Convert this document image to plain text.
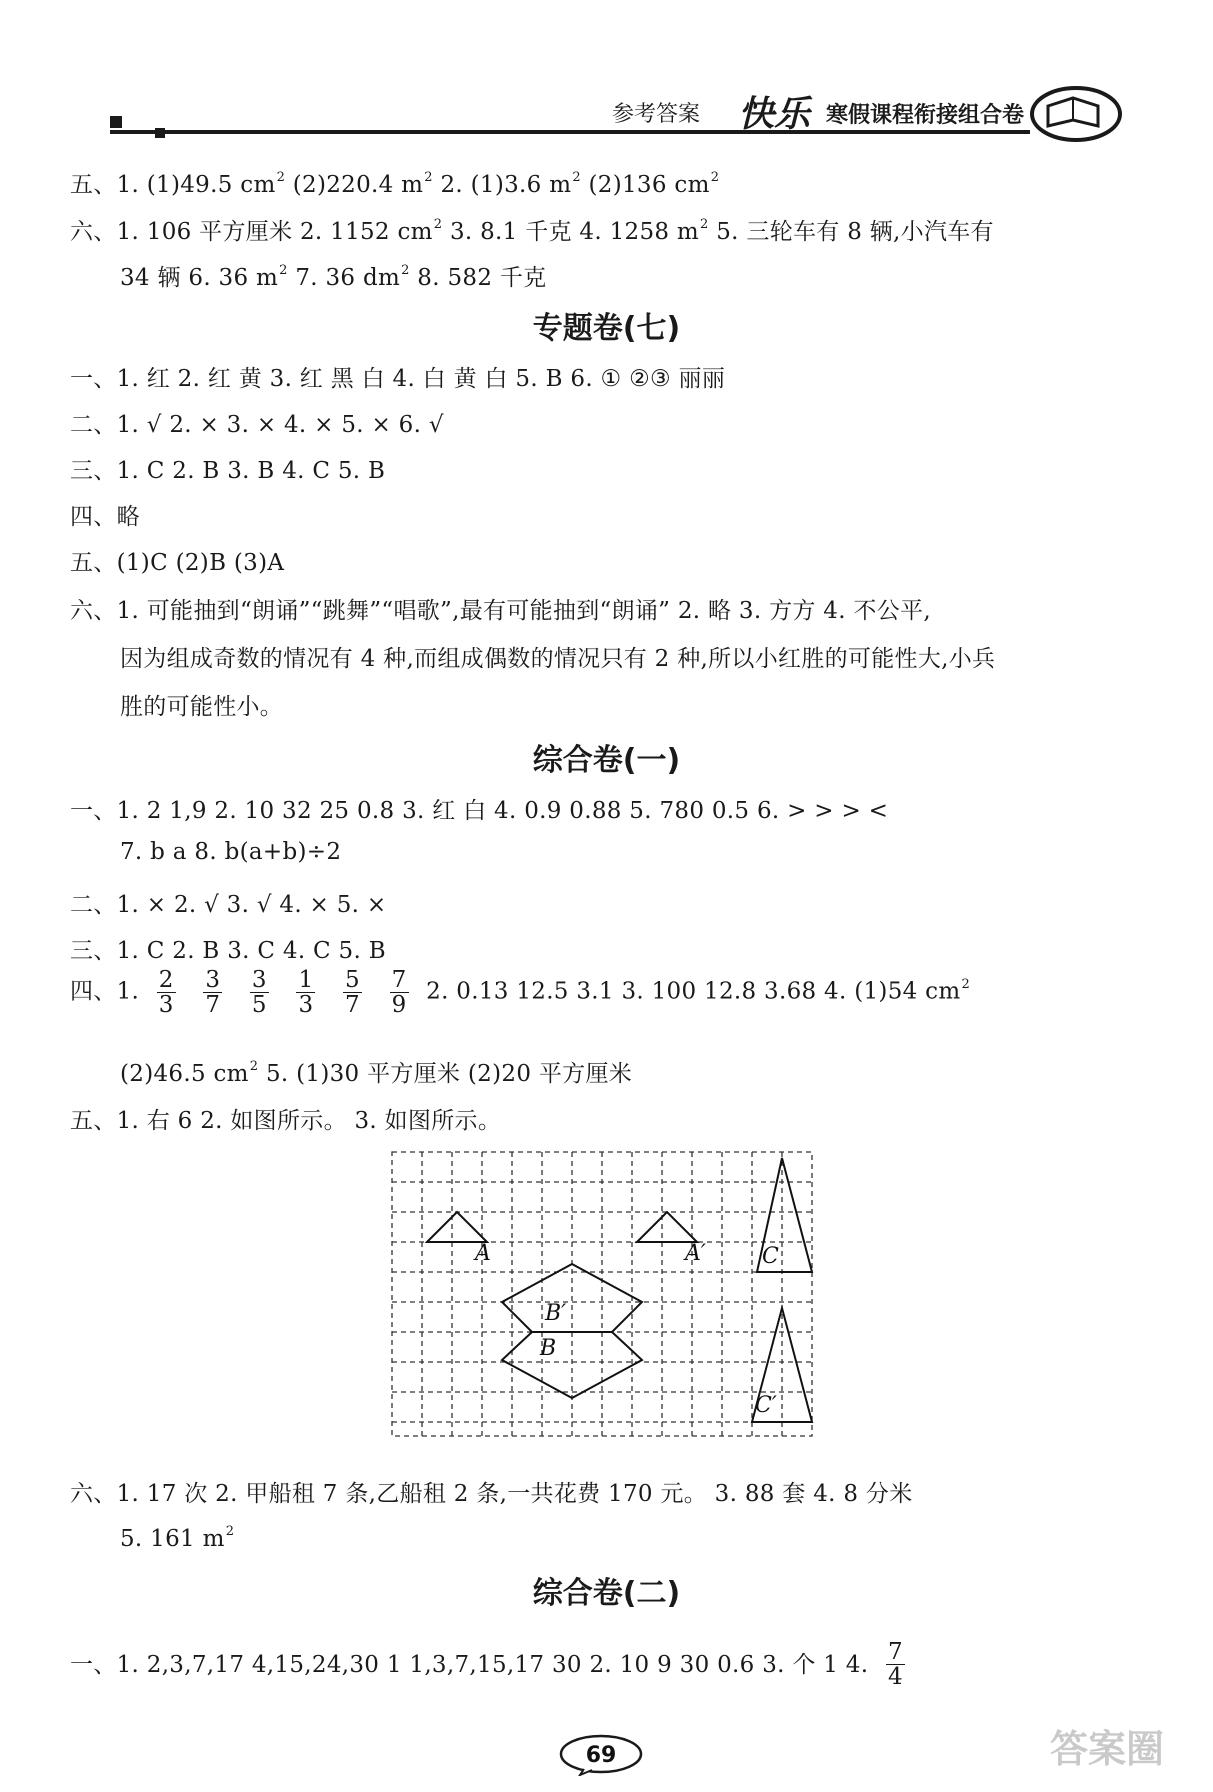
参考答案 快乐 寒假课程衔接组合卷
五、1. (1)49.5 $cm^2$ (2)220.4 $m^2$ 2. (1)3.6 $m^2$ (2)136 $cm^2$
六、1. 106 平方厘米 2. 1152 $cm^2$ 3. 8.1 千克 4. 1258 $m^2$ 5. 三轮车有 8 辆,小汽车有
34 辆 6. 36 $m^2$ 7. 36 $dm^2$ 8. 582 千克
专题卷(七)
一、1. 红 2. 红 黄 3. 红 黑 白 4. 白 黄 白 5. B 6. ① ②③ 丽丽
二、1. √ 2. × 3. × 4. × 5. × 6. √
三、1. C 2. B 3. B 4. C 5. B
四、略
五、(1)C (2)B (3)A
六、1. 可能抽到“朗诵”“跳舞”“唱歌”,最有可能抽到“朗诵” 2. 略 3. 方方 4. 不公平,
因为组成奇数的情况有 4 种,而组成偶数的情况只有 2 种,所以小红胜的可能性大,小兵
胜的可能性小。
综合卷(一)
一、1. 2 1,9 2. 10 32 25 0.8 3. 红 白 4. 0.9 0.88 5. 780 0.5 6. > > > <
7. b a 8. b(a+b)÷2
二、1. × 2. √ 3. √ 4. × 5. ×
三、1. C 2. B 3. C 4. C 5. B
四、1. $\frac{2}{3}$
$\frac{3}{7}$
$\frac{3}{5}$
$\frac{1}{3}$
$\frac{5}{7}$
$\frac{7}{9} 2$. 0.13 12.5 3.1 3. 100 12.8 3.68 4. (1)54 $cm^2$
(2)46.5 $cm^2$ 5. (1)30 平方厘米 (2)20 平方厘米
五、1. 右 6 2. 如图所示。 3. 如图所示。
A	A′	C
B′
B
C′
六、1. 17 次 2. 甲船租 7 条,乙船租 2 条,一共花费 170 元。 3. 88 套 4. 8 分米
5. 161 $m^2$
综合卷(二)
一、1. 2,3,7,17 4,15,24,30 1 1,3,7,15,17 30 2. 10 9 30 0.6 3. 个 1 4. $\frac{7}{4}$
69	答案圈
